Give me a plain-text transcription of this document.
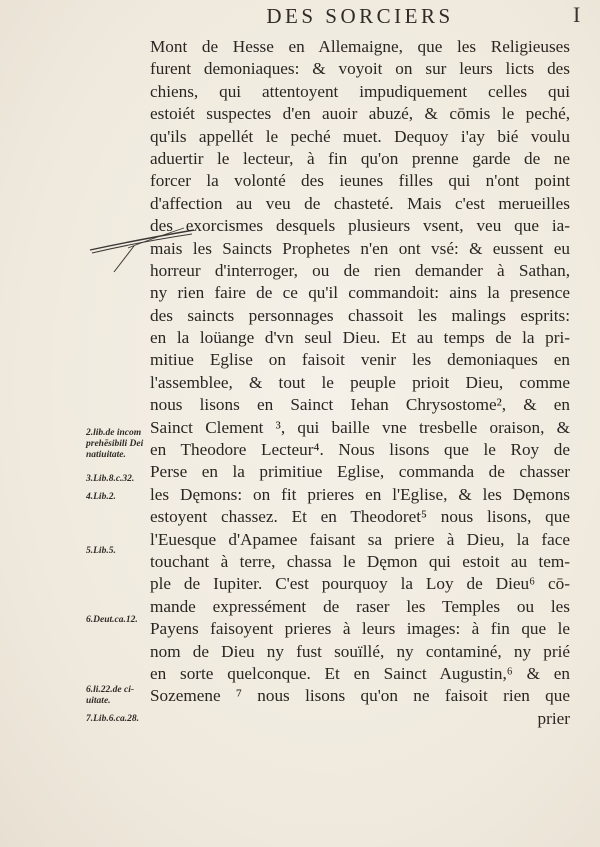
DES SORCIERS	I
Mont de Hesse en Allemaigne, que les Religieuses
furent demoniaques: & voyoit on sur leurs licts des
chiens, qui attentoyent impudiquement celles qui
estoiét suspectes d'en auoir abuzé, & cōmis le peché,
qu'ils appellét le peché muet. Dequoy i'ay bié voulu
aduertir le lecteur, à fin qu'on prenne garde de ne
forcer la volonté des ieunes filles qui n'ont point
d'affection au veu de chasteté. Mais c'est merueilles
des exorcismes desquels plusieurs vsent, veu que ia-
mais les Saincts Prophetes n'en ont vsé: & eussent eu
horreur d'interroger, ou de rien demander à Sathan,
ny rien faire de ce qu'il commandoit: ains la presence
des saincts personnages chassoit les malings esprits:
en la loüange d'vn seul Dieu. Et au temps de la pri-
mitiue Eglise on faisoit venir les demoniaques en
l'assemblee, & tout le peuple prioit Dieu, comme
nous lisons en Sainct Iehan Chrysostome², & en
Sainct Clement ³, qui baille vne tresbelle oraison, &
en Theodore Lecteur⁴. Nous lisons que le Roy de
Perse en la primitiue Eglise, commanda de chasser
les Dęmons: on fit prieres en l'Eglise, & les Dęmons
estoyent chassez. Et en Theodoret⁵ nous lisons, que
l'Euesque d'Apamee faisant sa priere à Dieu, la face
touchant à terre, chassa le Dęmon qui estoit au tem-
ple de Iupiter. C'est pourquoy la Loy de Dieu⁶ cō-
mande expressément de raser les Temples ou les
Payens faisoyent prieres à leurs images: à fin que le
nom de Dieu ny fust souïllé, ny contaminé, ny prié
en sorte quelconque. Et en Sainct Augustin,⁶ & en
Sozemene ⁷ nous lisons qu'on ne faisoit rien que
prier
2.lib.de incom
prehēsibili Dei
natiuitate.
3.Lib.8.c.32.
4.Lib.2.
5.Lib.5.
6.Deut.ca.12.
6.li.22.de ci-
uitate.
7.Lib.6.ca.28.
